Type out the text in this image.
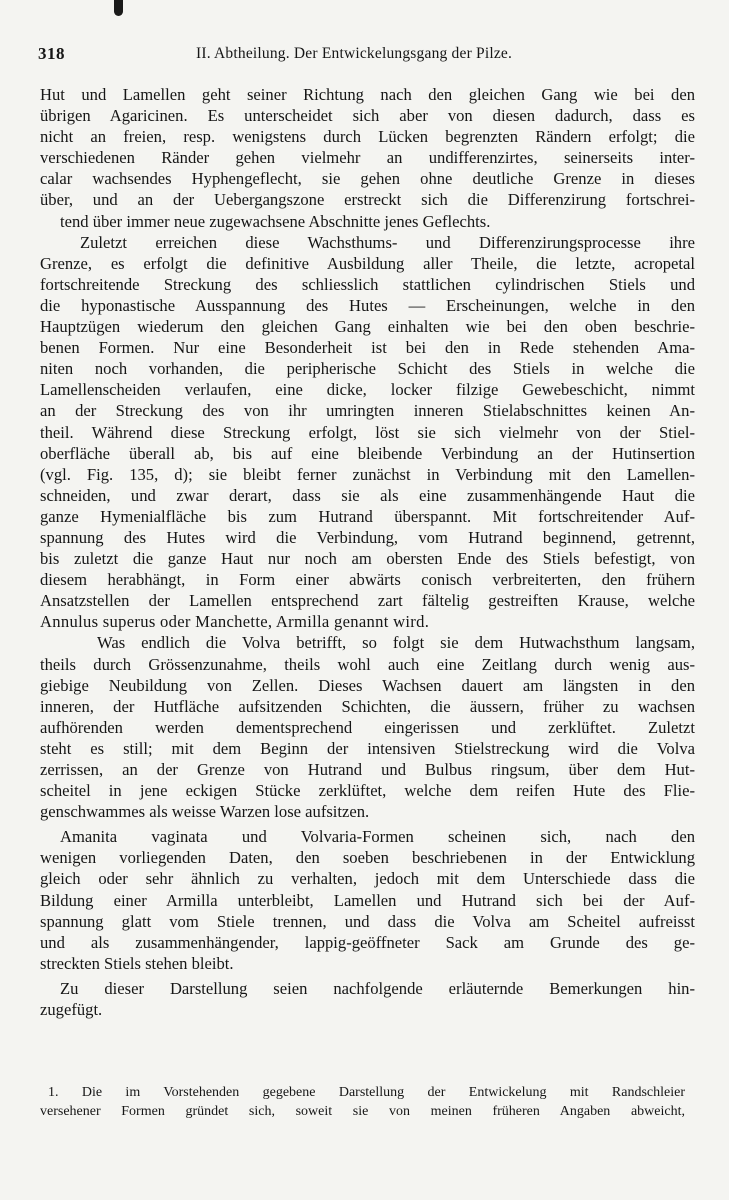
318	II. Abtheilung. Der Entwickelungsgang der Pilze.
Hut und Lamellen geht seiner Richtung nach den gleichen Gang wie bei den
übrigen Agaricinen. Es unterscheidet sich aber von diesen dadurch, dass es
nicht an freien, resp. wenigstens durch Lücken begrenzten Rändern erfolgt; die
verschiedenen Ränder gehen vielmehr an undifferenzirtes, seinerseits inter-
calar wachsendes Hyphengeflecht, sie gehen ohne deutliche Grenze in dieses
über, und an der Uebergangszone erstreckt sich die Differenzirung fortschrei-
tend über immer neue zugewachsene Abschnitte jenes Geflechts.
Zuletzt erreichen diese Wachsthums- und Differenzirungsprocesse ihre
Grenze, es erfolgt die definitive Ausbildung aller Theile, die letzte, acropetal
fortschreitende Streckung des schliesslich stattlichen cylindrischen Stiels und
die hyponastische Ausspannung des Hutes — Erscheinungen, welche in den
Hauptzügen wiederum den gleichen Gang einhalten wie bei den oben beschrie-
benen Formen. Nur eine Besonderheit ist bei den in Rede stehenden Ama-
niten noch vorhanden, die peripherische Schicht des Stiels in welche die
Lamellenscheiden verlaufen, eine dicke, locker filzige Gewebeschicht, nimmt
an der Streckung des von ihr umringten inneren Stielabschnittes keinen An-
theil. Während diese Streckung erfolgt, löst sie sich vielmehr von der Stiel-
oberfläche überall ab, bis auf eine bleibende Verbindung an der Hutinsertion
(vgl. Fig. 135, d); sie bleibt ferner zunächst in Verbindung mit den Lamellen-
schneiden, und zwar derart, dass sie als eine zusammenhängende Haut die
ganze Hymenialfläche bis zum Hutrand überspannt. Mit fortschreitender Auf-
spannung des Hutes wird die Verbindung, vom Hutrand beginnend, getrennt,
bis zuletzt die ganze Haut nur noch am obersten Ende des Stiels befestigt, von
diesem herabhängt, in Form einer abwärts conisch verbreiterten, den frühern
Ansatzstellen der Lamellen entsprechend zart fältelig gestreiften Krause, welche
Annulus superus oder Manchette, Armilla genannt wird.
Was endlich die Volva betrifft, so folgt sie dem Hutwachsthum langsam,
theils durch Grössenzunahme, theils wohl auch eine Zeitlang durch wenig aus-
giebige Neubildung von Zellen. Dieses Wachsen dauert am längsten in den
inneren, der Hutfläche aufsitzenden Schichten, die äussern, früher zu wachsen
aufhörenden werden dementsprechend eingerissen und zerklüftet. Zuletzt
steht es still; mit dem Beginn der intensiven Stielstreckung wird die Volva
zerrissen, an der Grenze von Hutrand und Bulbus ringsum, über dem Hut-
scheitel in jene eckigen Stücke zerklüftet, welche dem reifen Hute des Flie-
genschwammes als weisse Warzen lose aufsitzen.
Amanita vaginata und Volvaria-Formen scheinen sich, nach den
wenigen vorliegenden Daten, den soeben beschriebenen in der Entwicklung
gleich oder sehr ähnlich zu verhalten, jedoch mit dem Unterschiede dass die
Bildung einer Armilla unterbleibt, Lamellen und Hutrand sich bei der Auf-
spannung glatt vom Stiele trennen, und dass die Volva am Scheitel aufreisst
und als zusammenhängender, lappig-geöffneter Sack am Grunde des ge-
streckten Stiels stehen bleibt.
Zu dieser Darstellung seien nachfolgende erläuternde Bemerkungen hin-
zugefügt.
1. Die im Vorstehenden gegebene Darstellung der Entwickelung mit Randschleier
versehener Formen gründet sich, soweit sie von meinen früheren Angaben abweicht,
